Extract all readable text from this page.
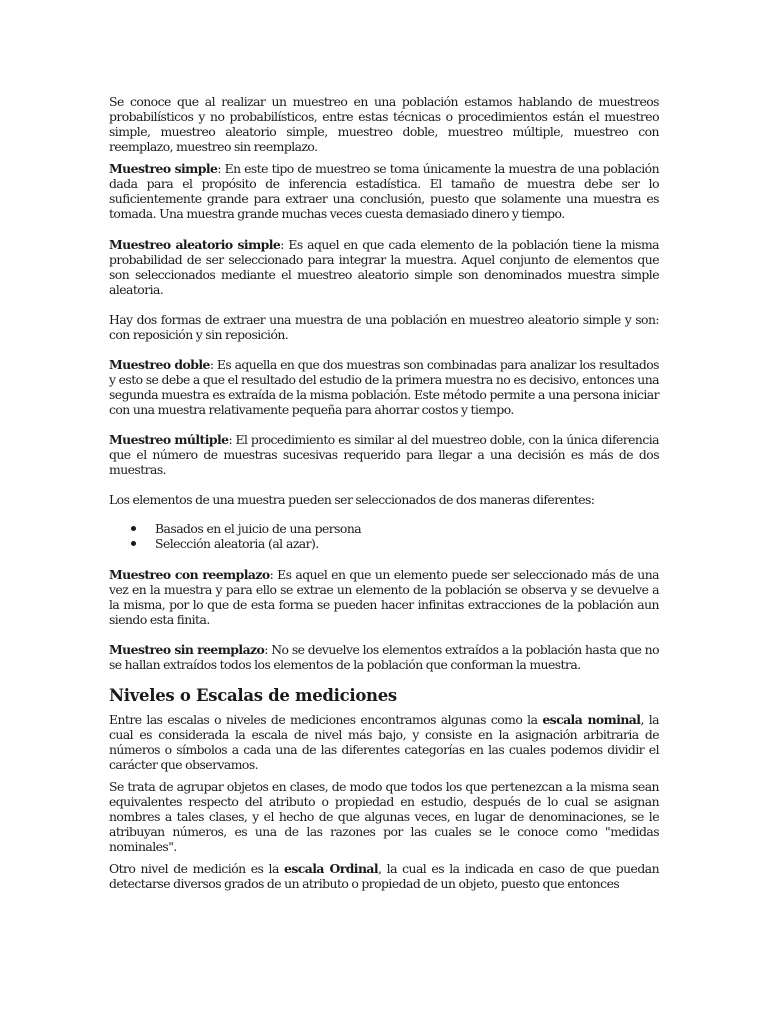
Se conoce que al realizar un muestreo en una población estamos hablando de muestreos probabilísticos y no probabilísticos, entre estas técnicas o procedimientos están el muestreo simple, muestreo aleatorio simple, muestreo doble, muestreo múltiple, muestreo con reemplazo, muestreo sin reemplazo.

Muestreo simple: En este tipo de muestreo se toma únicamente la muestra de una población dada para el propósito de inferencia estadística. El tamaño de muestra debe ser lo suficientemente grande para extraer una conclusión, puesto que solamente una muestra es tomada. Una muestra grande muchas veces cuesta demasiado dinero y tiempo.

Muestreo aleatorio simple: Es aquel en que cada elemento de la población tiene la misma probabilidad de ser seleccionado para integrar la muestra. Aquel conjunto de elementos que son seleccionados mediante el muestreo aleatorio simple son denominados muestra simple aleatoria.

Hay dos formas de extraer una muestra de una población en muestreo aleatorio simple y son: con reposición y sin reposición.

Muestreo doble: Es aquella en que dos muestras son combinadas para analizar los resultados y esto se debe a que el resultado del estudio de la primera muestra no es decisivo, entonces una segunda muestra es extraída de la misma población. Este método permite a una persona iniciar con una muestra relativamente pequeña para ahorrar costos y tiempo.

Muestreo múltiple: El procedimiento es similar al del muestreo doble, con la única diferencia que el número de muestras sucesivas requerido para llegar a una decisión es más de dos muestras.

Los elementos de una muestra pueden ser seleccionados de dos maneras diferentes:

Basados en el juicio de una persona
Selección aleatoria (al azar).

Muestreo con reemplazo: Es aquel en que un elemento puede ser seleccionado más de una vez en la muestra y para ello se extrae un elemento de la población se observa y se devuelve a la misma, por lo que de esta forma se pueden hacer infinitas extracciones de la población aun siendo esta finita.

Muestreo sin reemplazo: No se devuelve los elementos extraídos a la población hasta que no se hallan extraídos todos los elementos de la población que conforman la muestra.

Niveles o Escalas de mediciones

Entre las escalas o niveles de mediciones encontramos algunas como la escala nominal, la cual es considerada la escala de nivel más bajo, y consiste en la asignación arbitraria de números o símbolos a cada una de las diferentes categorías en las cuales podemos dividir el carácter que observamos.

Se trata de agrupar objetos en clases, de modo que todos los que pertenezcan a la misma sean equivalentes respecto del atributo o propiedad en estudio, después de lo cual se asignan nombres a tales clases, y el hecho de que algunas veces, en lugar de denominaciones, se le atribuyan números, es una de las razones por las cuales se le conoce como "medidas nominales".

Otro nivel de medición es la escala Ordinal, la cual es la indicada en caso de que puedan detectarse diversos grados de un atributo o propiedad de un objeto, puesto que entonces
